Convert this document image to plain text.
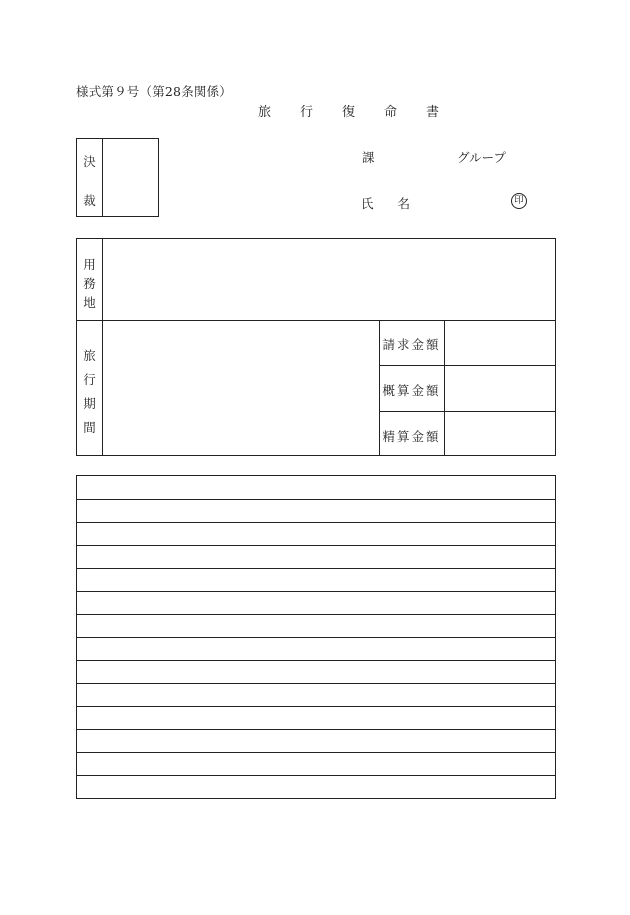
様式第９号（第28条関係）
旅　行　復　命　書
決
裁
課	グループ
氏 名	印
用
務
地
旅
行
期
間
請求金額
概算金額
精算金額
